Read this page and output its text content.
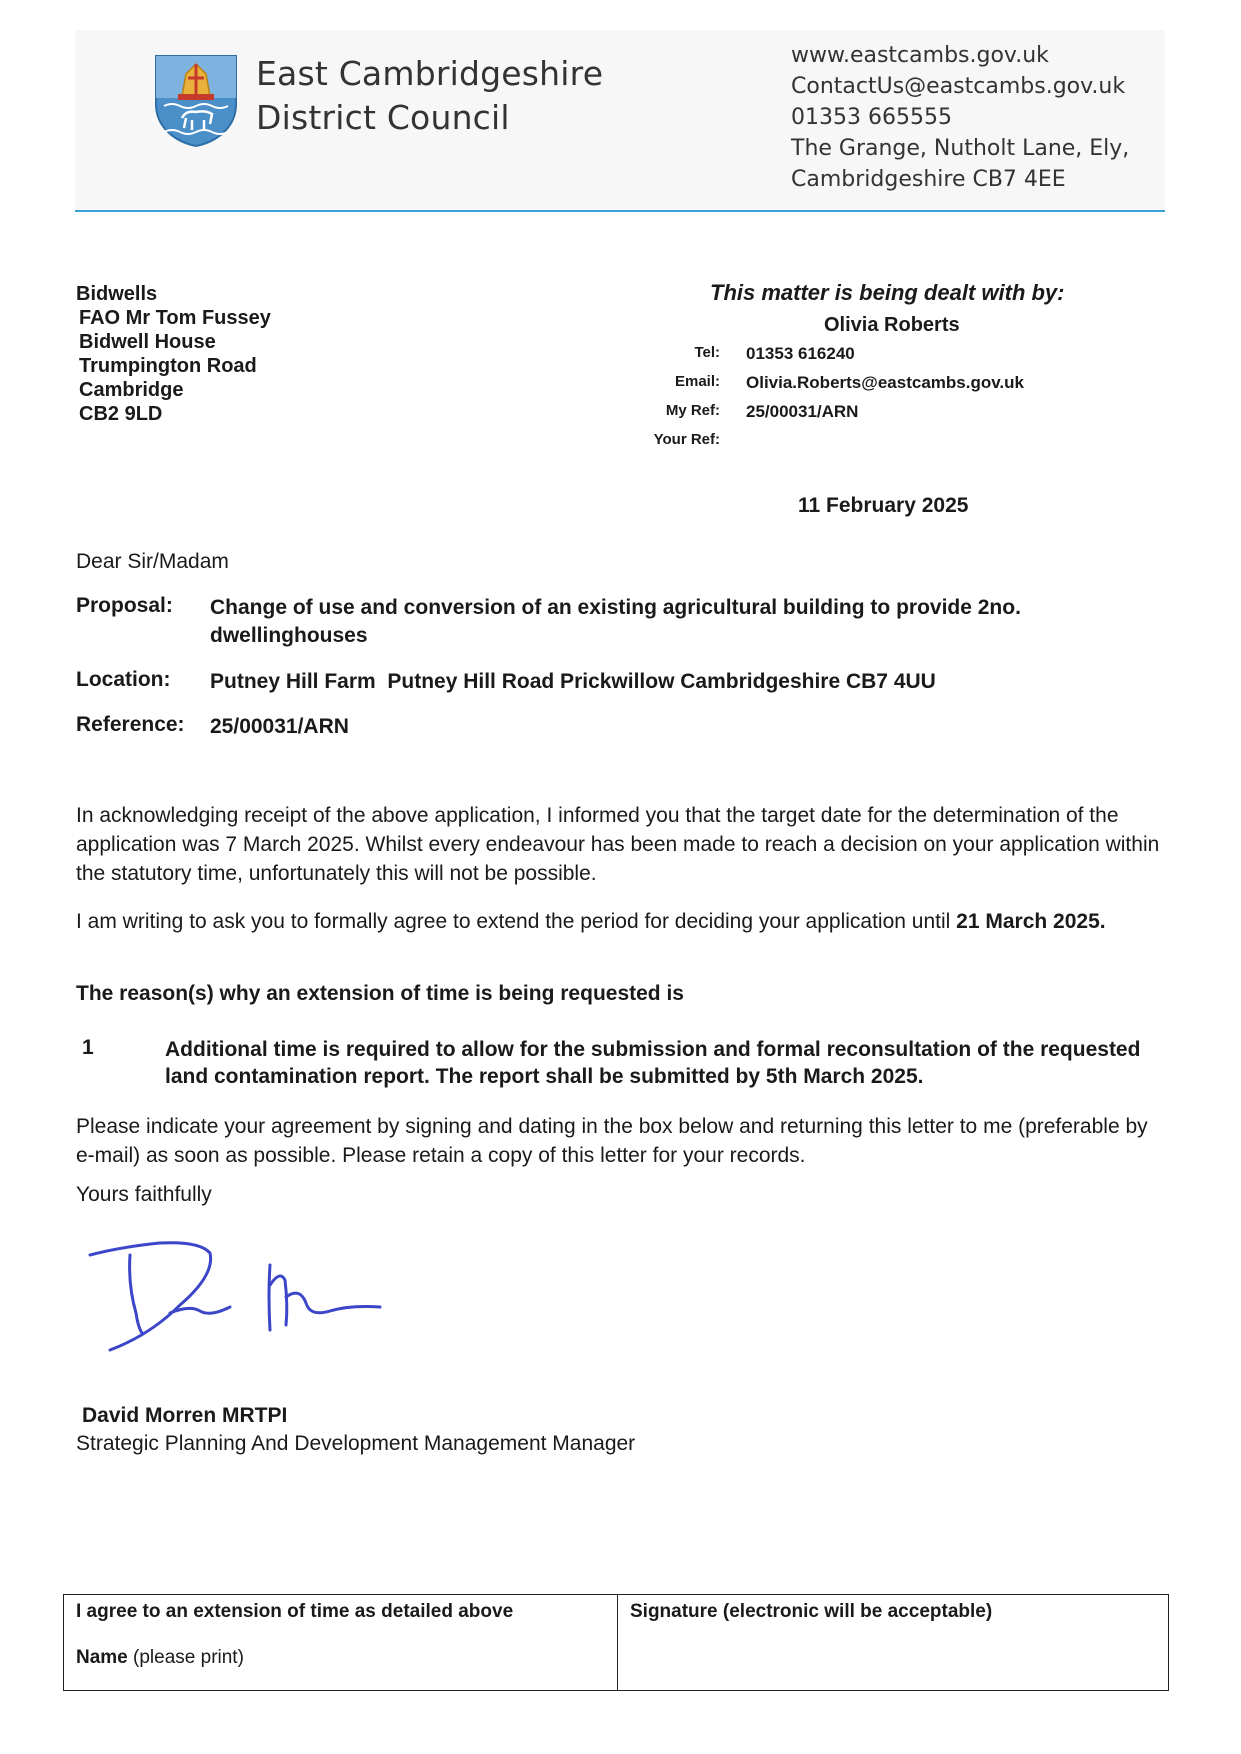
East Cambridgeshire
District Council
www.eastcambs.gov.uk
ContactUs@eastcambs.gov.uk
01353 665555
The Grange, Nutholt Lane, Ely,
Cambridgeshire CB7 4EE
Bidwells
FAO Mr Tom Fussey
Bidwell House
Trumpington Road
Cambridge
CB2 9LD
This matter is being dealt with by:
Olivia Roberts
Tel: 01353 616240
Email: Olivia.Roberts@eastcambs.gov.uk
My Ref: 25/00031/ARN
Your Ref:
11 February 2025
Dear Sir/Madam
Proposal: Change of use and conversion of an existing agricultural building to provide 2no. dwellinghouses
Location: Putney Hill Farm  Putney Hill Road Prickwillow Cambridgeshire CB7 4UU
Reference: 25/00031/ARN
In acknowledging receipt of the above application, I informed you that the target date for the determination of the application was 7 March 2025. Whilst every endeavour has been made to reach a decision on your application within the statutory time, unfortunately this will not be possible.
I am writing to ask you to formally agree to extend the period for deciding your application until 21 March 2025.
The reason(s) why an extension of time is being requested is
1	Additional time is required to allow for the submission and formal reconsultation of the requested land contamination report. The report shall be submitted by 5th March 2025.
Please indicate your agreement by signing and dating in the box below and returning this letter to me (preferable by e-mail) as soon as possible. Please retain a copy of this letter for your records.
Yours faithfully
David Morren MRTPI
Strategic Planning And Development Management Manager
I agree to an extension of time as detailed above
Name (please print)
Signature (electronic will be acceptable)
